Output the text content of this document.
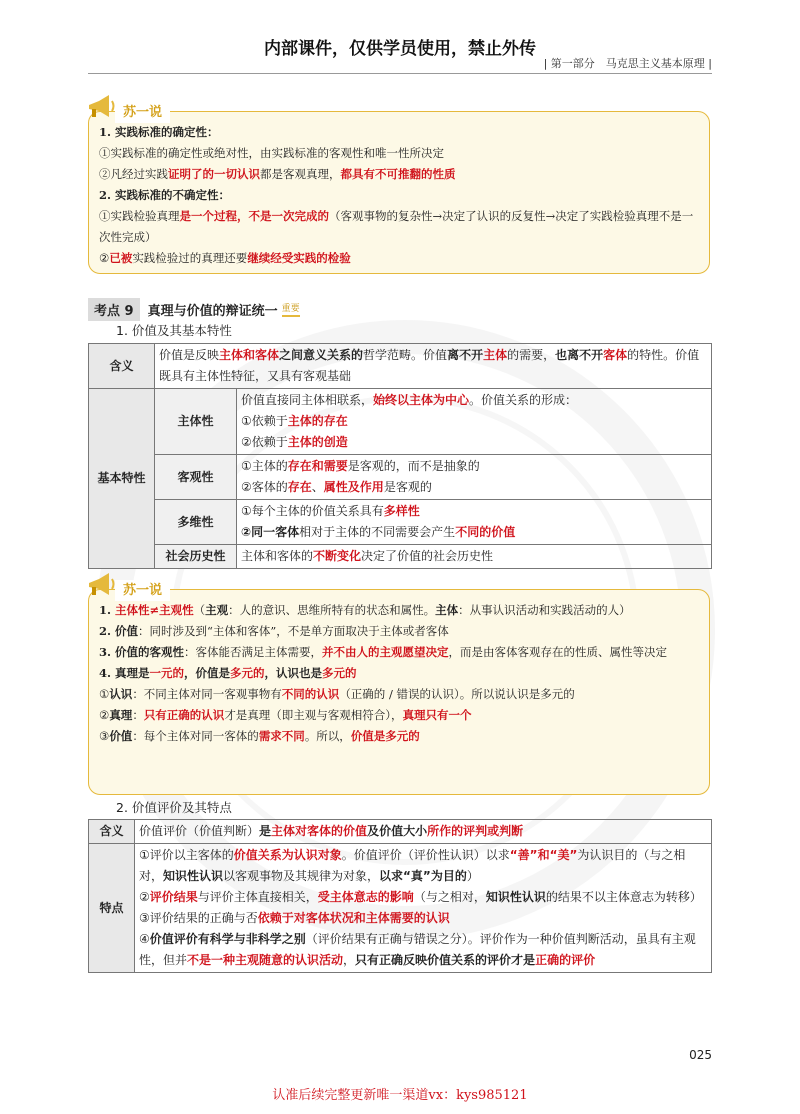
内部课件，仅供学员使用，禁止外传
| 第一部分　马克思主义基本原理 |
苏一说
1. 实践标准的确定性：
①实践标准的确定性或绝对性，由实践标准的客观性和唯一性所决定
②凡经过实践证明了的一切认识都是客观真理，都具有不可推翻的性质
2. 实践标准的不确定性：
①实践检验真理是一个过程，不是一次完成的（客观事物的复杂性→决定了认识的反复性→决定了实践检验真理不是一次性完成）
②已被实践检验过的真理还要继续经受实践的检验
考点 9	真理与价值的辩证统一 重要
1. 价值及其基本特性
含义	价值是反映主体和客体之间意义关系的哲学范畴。价值离不开主体的需要，也离不开客体的特性。价值既具有主体性特征，又具有客观基础	
基本特性	主体性	价值直接同主体相联系，始终以主体为中心。价值关系的形成：
①依赖于主体的存在
②依赖于主体的创造

	客观性	①主体的存在和需要是客观的，而不是抽象的
②客体的存在、属性及作用是客观的

	多维性	①每个主体的价值关系具有多样性
②同一客体相对于主体的不同需要会产生不同的价值

	社会历史性	主体和客体的不断变化决定了价值的社会历史性
苏一说
1. 主体性≠主观性（主观：人的意识、思维所特有的状态和属性。主体：从事认识活动和实践活动的人）
2. 价值：同时涉及到“主体和客体”，不是单方面取决于主体或者客体
3. 价值的客观性：客体能否满足主体需要，并不由人的主观愿望决定，而是由客体客观存在的性质、属性等决定
4. 真理是一元的，价值是多元的，认识也是多元的
①认识：不同主体对同一客观事物有不同的认识（正确的 / 错误的认识）。所以说认识是多元的
②真理：只有正确的认识才是真理（即主观与客观相符合），真理只有一个
③价值：每个主体对同一客体的需求不同。所以，价值是多元的
2. 价值评价及其特点
含义	价值评价（价值判断）是主体对客体的价值及价值大小所作的评判或判断
特点	①评价以主客体的价值关系为认识对象。价值评价（评价性认识）以求“善”和“美”为认识目的（与之相对，知识性认识以客观事物及其规律为对象，以求“真”为目的）
②评价结果与评价主体直接相关，受主体意志的影响（与之相对，知识性认识的结果不以主体意志为转移）
③评价结果的正确与否依赖于对客体状况和主体需要的认识
④价值评价有科学与非科学之别（评价结果有正确与错误之分）。评价作为一种价值判断活动，虽具有主观性，但并不是一种主观随意的认识活动，只有正确反映价值关系的评价才是正确的评价
025
认准后续完整更新唯一渠道vx：kys985121
